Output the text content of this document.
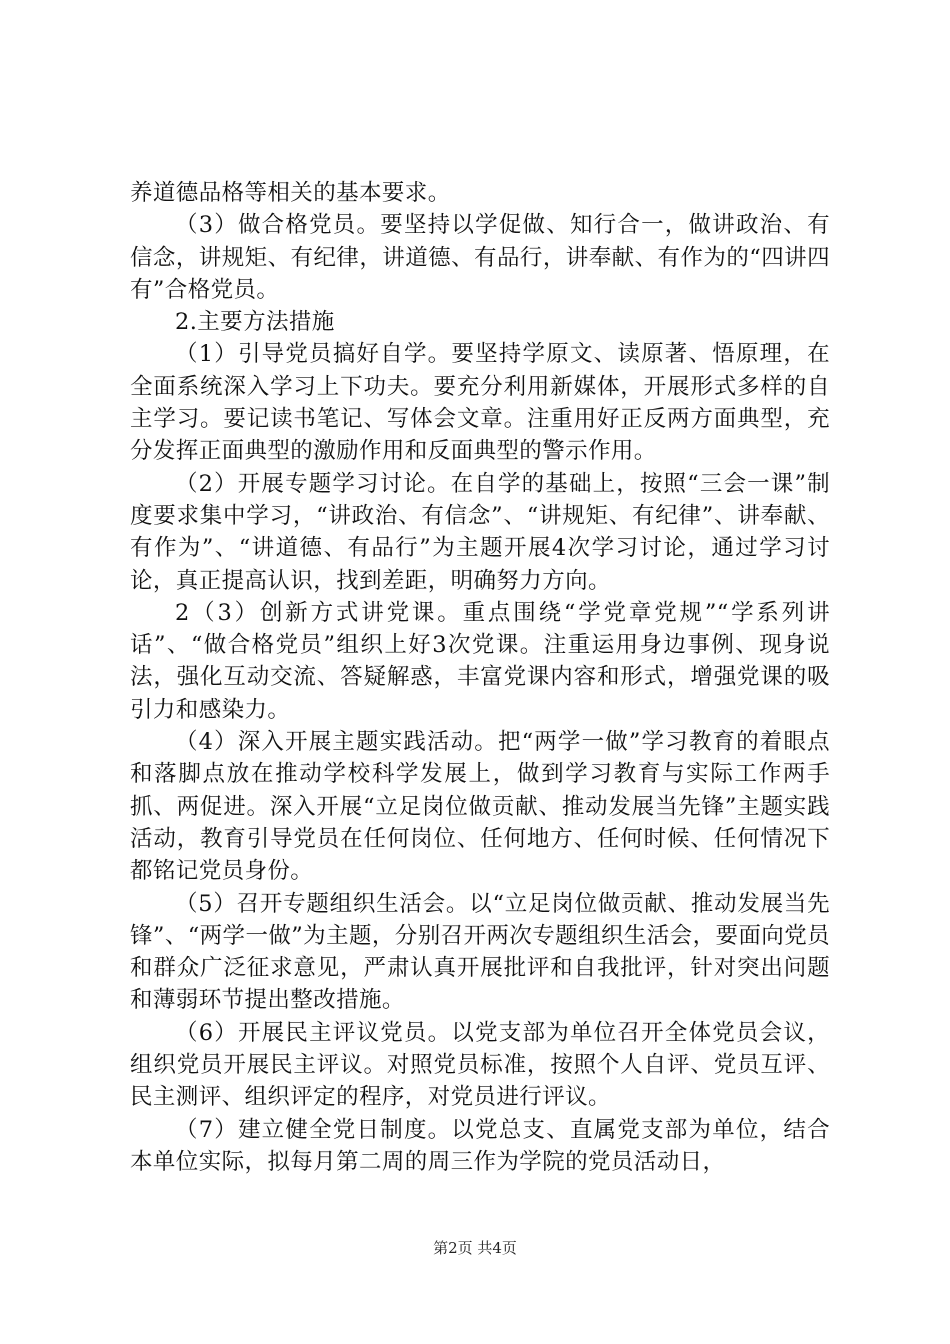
养道德品格等相关的基本要求。

（3）做合格党员。要坚持以学促做、知行合一，做讲政治、有信念，讲规矩、有纪律，讲道德、有品行，讲奉献、有作为的“四讲四有”合格党员。

2.主要方法措施

（1）引导党员搞好自学。要坚持学原文、读原著、悟原理，在全面系统深入学习上下功夫。要充分利用新媒体，开展形式多样的自主学习。要记读书笔记、写体会文章。注重用好正反两方面典型，充分发挥正面典型的激励作用和反面典型的警示作用。

（2）开展专题学习讨论。在自学的基础上，按照“三会一课”制度要求集中学习，“讲政治、有信念”、“讲规矩、有纪律”、讲奉献、有作为”、“讲道德、有品行”为主题开展4次学习讨论，通过学习讨论，真正提高认识，找到差距，明确努力方向。

2（3）创新方式讲党课。重点围绕“学党章党规”“学系列讲话”、“做合格党员”组织上好3次党课。注重运用身边事例、现身说法，强化互动交流、答疑解惑，丰富党课内容和形式，增强党课的吸引力和感染力。

（4）深入开展主题实践活动。把“两学一做”学习教育的着眼点和落脚点放在推动学校科学发展上，做到学习教育与实际工作两手抓、两促进。深入开展“立足岗位做贡献、推动发展当先锋”主题实践活动，教育引导党员在任何岗位、任何地方、任何时候、任何情况下都铭记党员身份。

（5）召开专题组织生活会。以“立足岗位做贡献、推动发展当先锋”、“两学一做”为主题，分别召开两次专题组织生活会，要面向党员和群众广泛征求意见，严肃认真开展批评和自我批评，针对突出问题和薄弱环节提出整改措施。

（6）开展民主评议党员。以党支部为单位召开全体党员会议，组织党员开展民主评议。对照党员标准，按照个人自评、党员互评、民主测评、组织评定的程序，对党员进行评议。

（7）建立健全党日制度。以党总支、直属党支部为单位，结合本单位实际，拟每月第二周的周三作为学院的党员活动日，

第2页 共4页
